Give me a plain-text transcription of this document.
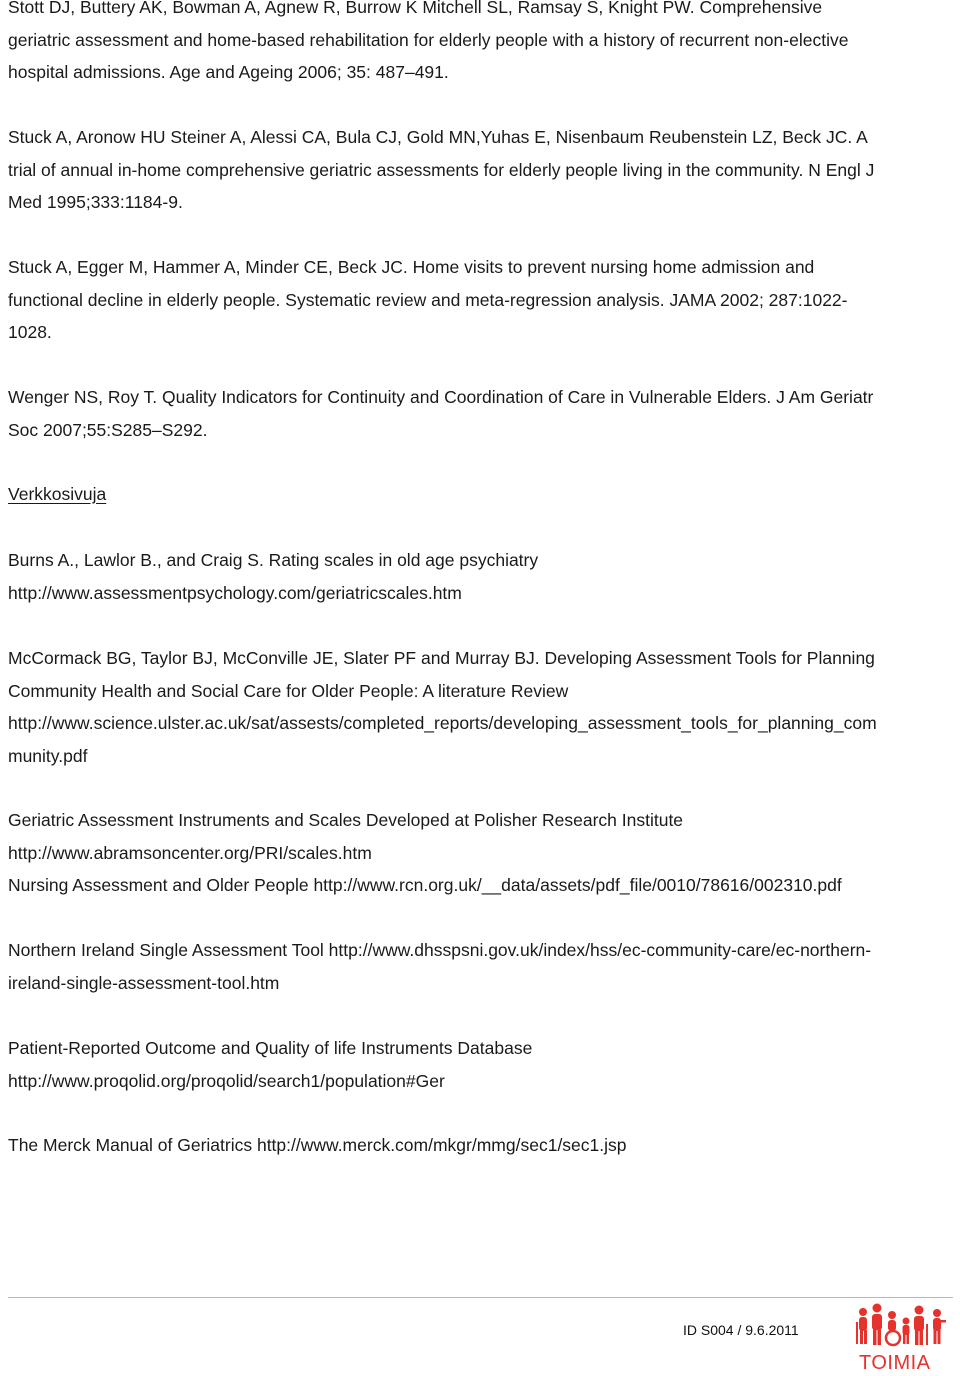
Stott DJ, Buttery AK, Bowman A, Agnew R, Burrow K Mitchell SL, Ramsay S, Knight PW. Comprehensive
geriatric assessment and home-based rehabilitation for elderly people with a history of recurrent non-elective
hospital admissions. Age and Ageing 2006; 35: 487–491.
Stuck A, Aronow HU Steiner A, Alessi CA, Bula CJ, Gold MN,Yuhas E, Nisenbaum Reubenstein LZ, Beck JC. A
trial of annual in-home comprehensive geriatric assessments for elderly people living in the community. N Engl J
Med 1995;333:1184-9.
Stuck A, Egger M, Hammer A, Minder CE, Beck JC. Home visits to prevent nursing home admission and
functional decline in elderly people. Systematic review and meta-regression analysis. JAMA 2002; 287:1022-
1028.
Wenger NS, Roy T. Quality Indicators for Continuity and Coordination of Care in Vulnerable Elders. J Am Geriatr
Soc 2007;55:S285–S292.
Verkkosivuja
Burns A., Lawlor B., and Craig S. Rating scales in old age psychiatry
http://www.assessmentpsychology.com/geriatricscales.htm
McCormack BG, Taylor BJ, McConville JE, Slater PF and Murray BJ. Developing Assessment Tools for Planning
Community Health and Social Care for Older People: A literature Review
http://www.science.ulster.ac.uk/sat/assests/completed_reports/developing_assessment_tools_for_planning_com
munity.pdf
Geriatric Assessment Instruments and Scales Developed at Polisher Research Institute
http://www.abramsoncenter.org/PRI/scales.htm
Nursing Assessment and Older People http://www.rcn.org.uk/__data/assets/pdf_file/0010/78616/002310.pdf
Northern Ireland Single Assessment Tool http://www.dhsspsni.gov.uk/index/hss/ec-community-care/ec-northern-
ireland-single-assessment-tool.htm
Patient-Reported Outcome and Quality of life Instruments Database
http://www.proqolid.org/proqolid/search1/population#Ger
The Merck Manual of Geriatrics http://www.merck.com/mkgr/mmg/sec1/sec1.jsp
ID S004 / 9.6.2011
TOIMIA
